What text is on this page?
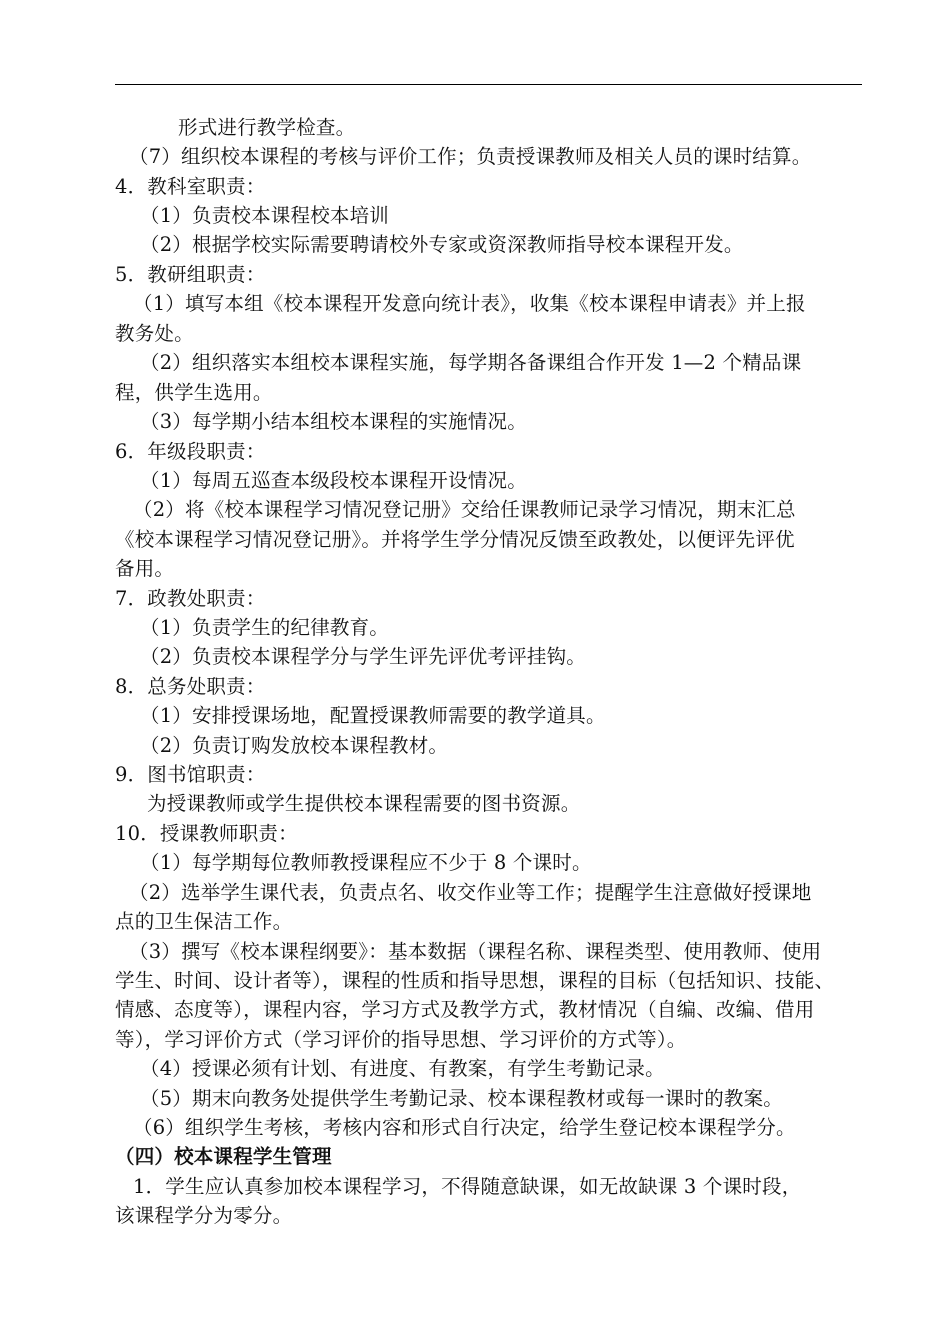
形式进行教学检查。
（7）组织校本课程的考核与评价工作；负责授课教师及相关人员的课时结算。
4．教科室职责：
（1）负责校本课程校本培训
（2）根据学校实际需要聘请校外专家或资深教师指导校本课程开发。
5．教研组职责：
（1）填写本组《校本课程开发意向统计表》，收集《校本课程申请表》并上报
教务处。
（2）组织落实本组校本课程实施，每学期各备课组合作开发 1—2 个精品课
程，供学生选用。
（3）每学期小结本组校本课程的实施情况。
6．年级段职责：
（1）每周五巡查本级段校本课程开设情况。
（2）将《校本课程学习情况登记册》交给任课教师记录学习情况，期末汇总
《校本课程学习情况登记册》。并将学生学分情况反馈至政教处，以便评先评优
备用。
7．政教处职责：
（1）负责学生的纪律教育。
（2）负责校本课程学分与学生评先评优考评挂钩。
8．总务处职责：
（1）安排授课场地，配置授课教师需要的教学道具。
（2）负责订购发放校本课程教材。
9．图书馆职责：
为授课教师或学生提供校本课程需要的图书资源。
10．授课教师职责：
（1）每学期每位教师教授课程应不少于 8 个课时。
（2）选举学生课代表，负责点名、收交作业等工作；提醒学生注意做好授课地
点的卫生保洁工作。
（3）撰写《校本课程纲要》：基本数据（课程名称、课程类型、使用教师、使用
学生、时间、设计者等），课程的性质和指导思想，课程的目标（包括知识、技能、
情感、态度等），课程内容，学习方式及教学方式，教材情况（自编、改编、借用
等），学习评价方式（学习评价的指导思想、学习评价的方式等）。
（4）授课必须有计划、有进度、有教案，有学生考勤记录。
（5）期末向教务处提供学生考勤记录、校本课程教材或每一课时的教案。
（6）组织学生考核，考核内容和形式自行决定，给学生登记校本课程学分。
（四）校本课程学生管理
1．学生应认真参加校本课程学习，不得随意缺课，如无故缺课 3 个课时段，
该课程学分为零分。
